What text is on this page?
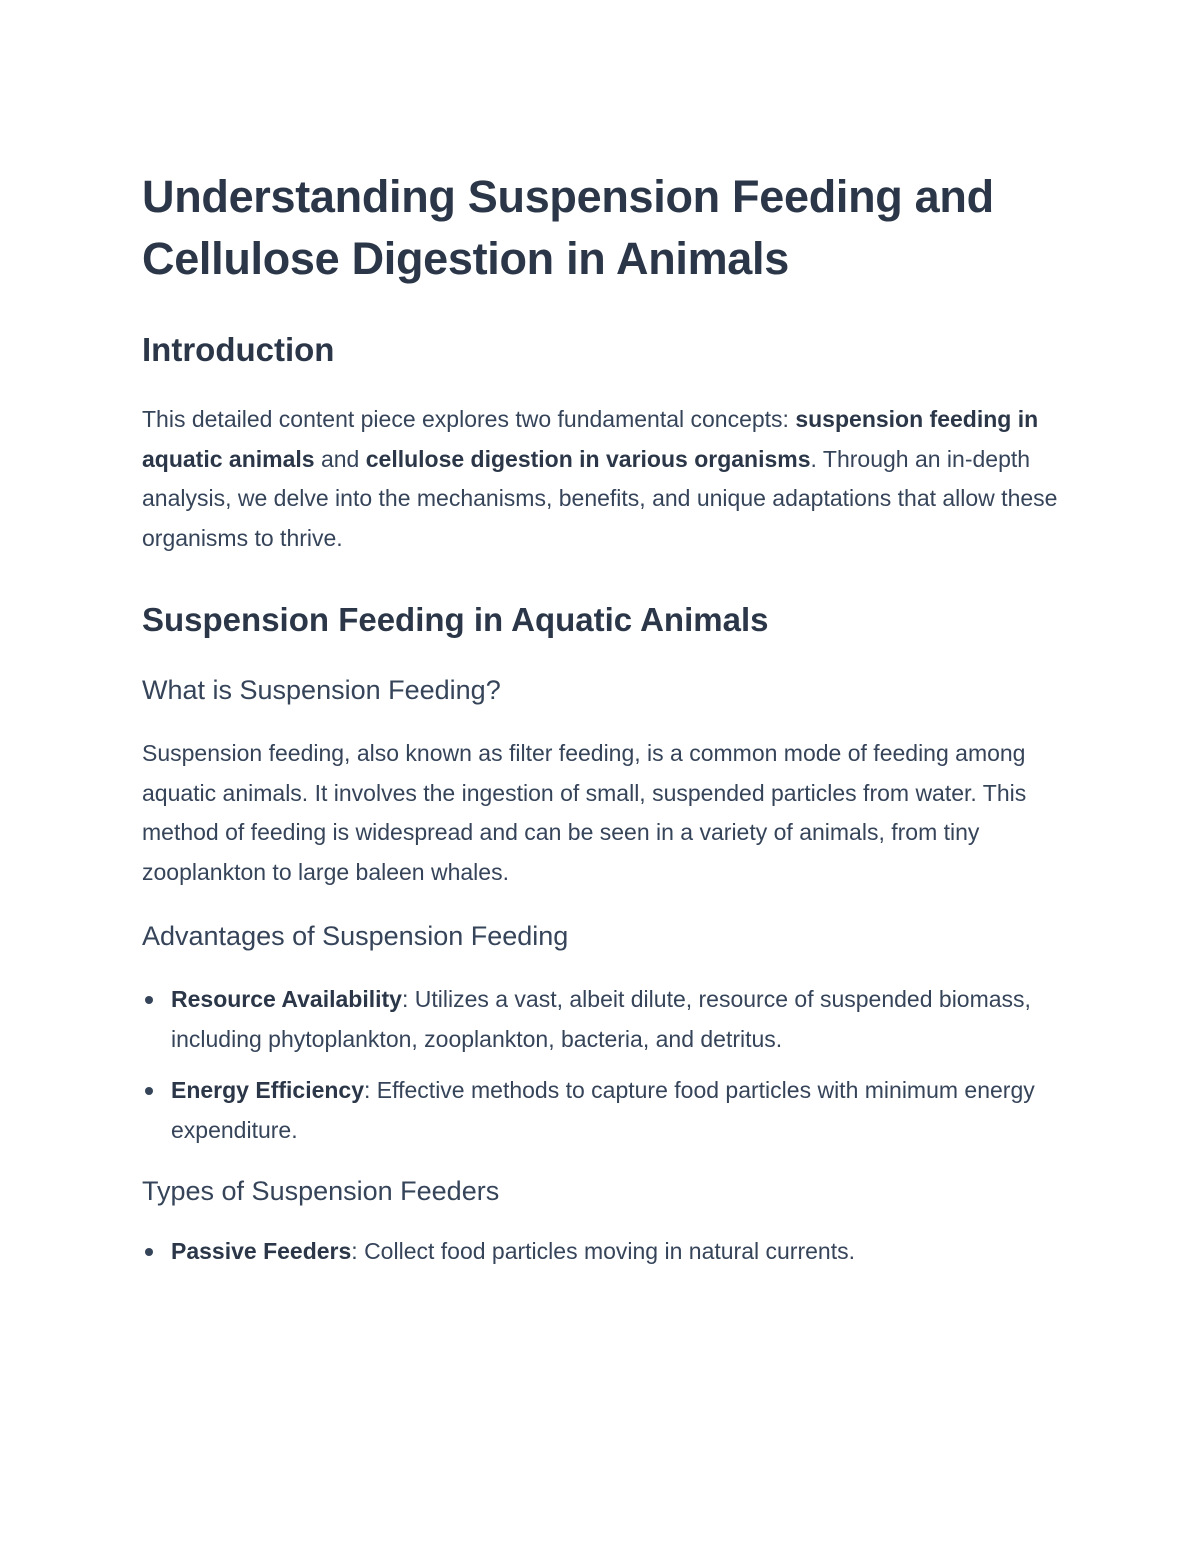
Understanding Suspension Feeding and Cellulose Digestion in Animals
Introduction

This detailed content piece explores two fundamental concepts: suspension feeding in aquatic animals and cellulose digestion in various organisms. Through an in-depth analysis, we delve into the mechanisms, benefits, and unique adaptations that allow these organisms to thrive.

Suspension Feeding in Aquatic Animals
What is Suspension Feeding?

Suspension feeding, also known as filter feeding, is a common mode of feeding among aquatic animals. It involves the ingestion of small, suspended particles from water. This method of feeding is widespread and can be seen in a variety of animals, from tiny zooplankton to large baleen whales.

Advantages of Suspension Feeding
Resource Availability: Utilizes a vast, albeit dilute, resource of suspended biomass, including phytoplankton, zooplankton, bacteria, and detritus.
Energy Efficiency: Effective methods to capture food particles with minimum energy expenditure.
Types of Suspension Feeders
Passive Feeders: Collect food particles moving in natural currents.
